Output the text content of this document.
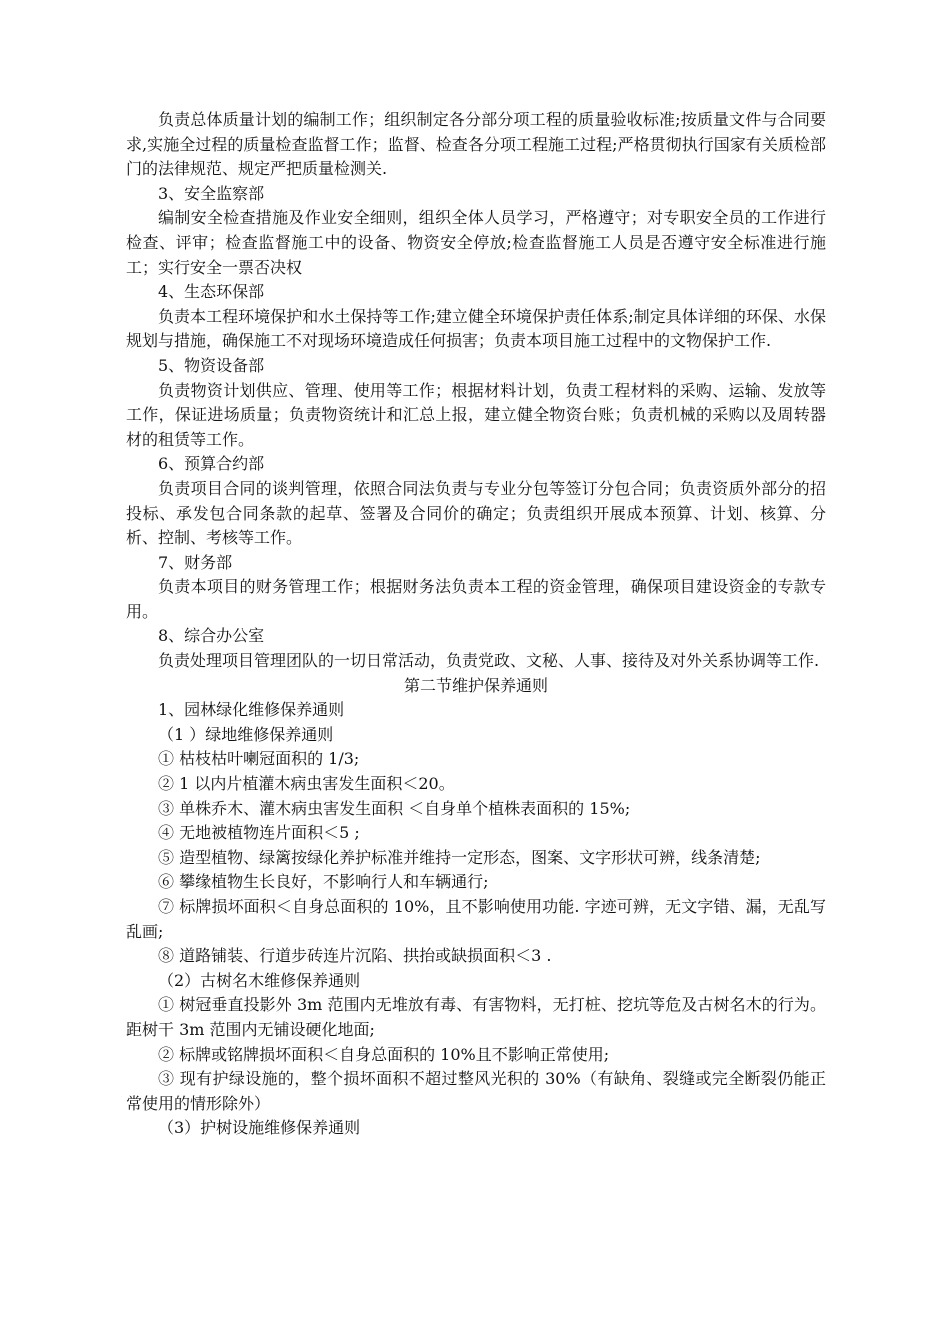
负责总体质量计划的编制工作；组织制定各分部分项工程的质量验收标准;按质量文件与合同要求,实施全过程的质量检查监督工作；监督、检查各分项工程施工过程;严格贯彻执行国家有关质检部门的法律规范、规定严把质量检测关.

3、安全监察部

编制安全检查措施及作业安全细则，组织全体人员学习，严格遵守；对专职安全员的工作进行检查、评审；检查监督施工中的设备、物资安全停放;检查监督施工人员是否遵守安全标准进行施工；实行安全一票否决权

4、生态环保部

负责本工程环境保护和水土保持等工作;建立健全环境保护责任体系;制定具体详细的环保、水保规划与措施，确保施工不对现场环境造成任何损害；负责本项目施工过程中的文物保护工作.

5、物资设备部

负责物资计划供应、管理、使用等工作；根据材料计划，负责工程材料的采购、运输、发放等工作，保证进场质量；负责物资统计和汇总上报，建立健全物资台账；负责机械的采购以及周转器材的租赁等工作。

6、预算合约部

负责项目合同的谈判管理，依照合同法负责与专业分包等签订分包合同；负责资质外部分的招投标、承发包合同条款的起草、签署及合同价的确定；负责组织开展成本预算、计划、核算、分析、控制、考核等工作。

7、财务部

负责本项目的财务管理工作；根据财务法负责本工程的资金管理，确保项目建设资金的专款专用。

8、综合办公室

负责处理项目管理团队的一切日常活动，负责党政、文秘、人事、接待及对外关系协调等工作.

第二节维护保养通则

1、园林绿化维修保养通则

（1 ）绿地维修保养通则

① 枯枝枯叶喇冠面积的 1/3;

② 1 以内片植灌木病虫害发生面积＜20。

③ 单株乔木、灌木病虫害发生面积 ＜自身单个植株表面积的 15%;

④ 无地被植物连片面积＜5 ;

⑤ 造型植物、绿篱按绿化养护标准并维持一定形态，图案、文字形状可辨，线条清楚;

⑥ 攀缘植物生长良好，不影响行人和车辆通行;

⑦ 标牌损坏面积＜自身总面积的 10%，且不影响使用功能. 字迹可辨，无文字错、漏，无乱写乱画;

⑧ 道路铺装、行道步砖连片沉陷、拱抬或缺损面积＜3 .

（2）古树名木维修保养通则

① 树冠垂直投影外 3m 范围内无堆放有毒、有害物料，无打桩、挖坑等危及古树名木的行为。距树干 3m 范围内无铺设硬化地面;

② 标牌或铭牌损坏面积＜自身总面积的 10%且不影响正常使用;

③ 现有护绿设施的，整个损坏面积不超过整风光积的 30%（有缺角、裂缝或完全断裂仍能正常使用的情形除外）

（3）护树设施维修保养通则
